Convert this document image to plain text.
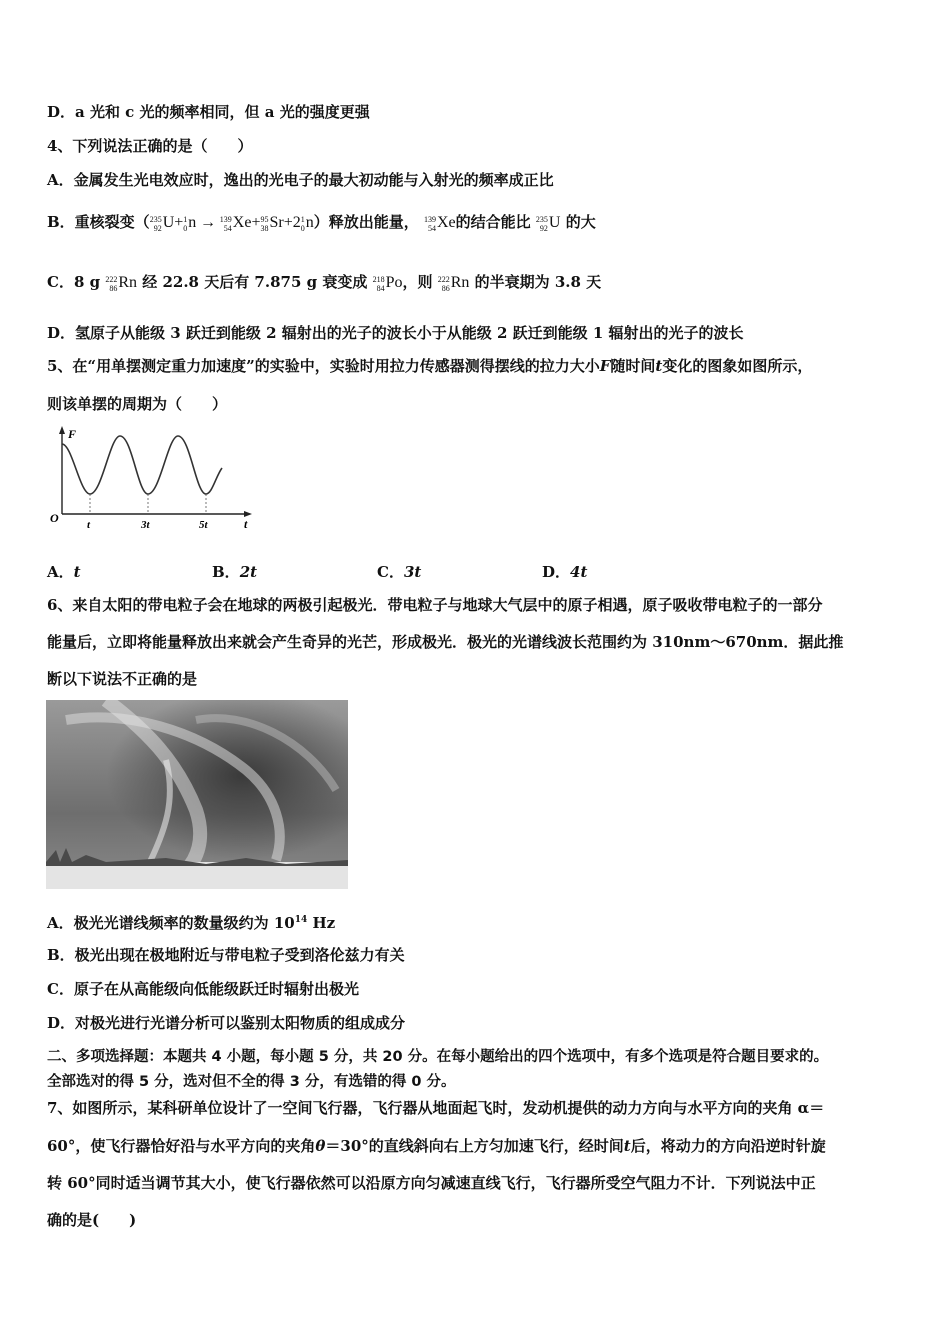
D．a 光和 c 光的频率相同，但 a 光的强度更强
4、下列说法正确的是（　　）
A．金属发生光电效应时，逸出的光电子的最大初动能与入射光的频率成正比
B．重核裂变（ 235
92 U+ 1
0 n → 139
54 Xe+ 95
38 Sr+2 1
0 n）释放出能量， 139
54 Xe的结合能比 235
92 U 的大
C．8 g 222
86 Rn 经 22.8 天后有 7.875 g 衰变成 218
84 Po，则 222
86 Rn 的半衰期为 3.8 天
D．氢原子从能级 3 跃迁到能级 2 辐射出的光子的波长小于从能级 2 跃迁到能级 1 辐射出的光子的波长
5、在“用单摆测定重力加速度”的实验中，实验时用拉力传感器测得摆线的拉力大小F随时间t变化的图象如图所示，
则该单摆的周期为（　　）
F
t
O	t	3t	5t
A．t	B．2t	C．3t	D．4t
6、来自太阳的带电粒子会在地球的两极引起极光．带电粒子与地球大气层中的原子相遇，原子吸收带电粒子的一部分
能量后，立即将能量释放出来就会产生奇异的光芒，形成极光．极光的光谱线波长范围约为 310nm～670nm．据此推
断以下说法不正确的是
A．极光光谱线频率的数量级约为 $10^{14}$ Hz
B．极光出现在极地附近与带电粒子受到洛伦兹力有关
C．原子在从高能级向低能级跃迁时辐射出极光
D．对极光进行光谱分析可以鉴别太阳物质的组成成分
二、多项选择题：本题共 4 小题，每小题 5 分，共 20 分。在每小题给出的四个选项中，有多个选项是符合题目要求的。
全部选对的得 5 分，选对但不全的得 3 分，有选错的得 0 分。
7、如图所示，某科研单位设计了一空间飞行器，飞行器从地面起飞时，发动机提供的动力方向与水平方向的夹角 α＝
60°，使飞行器恰好沿与水平方向的夹角θ＝30°的直线斜向右上方匀加速飞行，经时间t后，将动力的方向沿逆时针旋
转 60°同时适当调节其大小，使飞行器依然可以沿原方向匀减速直线飞行，飞行器所受空气阻力不计．下列说法中正
确的是(　　)
